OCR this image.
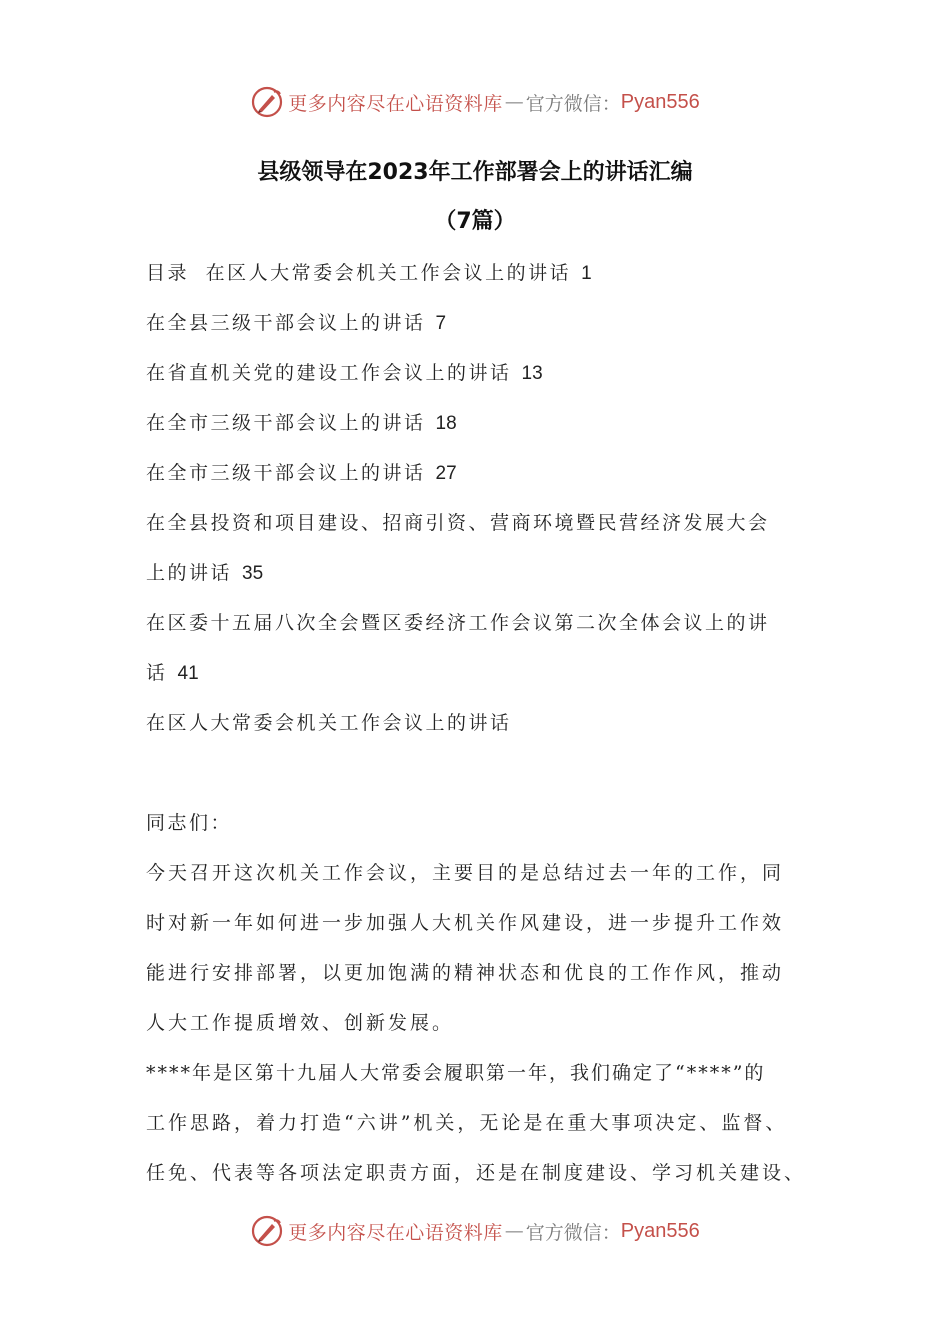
更多内容尽在心语资料库 — 官方微信： Pyan556
县级领导在2023年工作部署会上的讲话汇编
（7篇）
目录 在区人大常委会机关工作会议上的讲话 1
在全县三级干部会议上的讲话 7
在省直机关党的建设工作会议上的讲话 13
在全市三级干部会议上的讲话 18
在全市三级干部会议上的讲话 27
在全县投资和项目建设、招商引资、营商环境暨民营经济发展大会
上的讲话 35
在区委十五届八次全会暨区委经济工作会议第二次全体会议上的讲
话 41
在区人大常委会机关工作会议上的讲话
同志们：
今天召开这次机关工作会议，主要目的是总结过去一年的工作，同
时对新一年如何进一步加强人大机关作风建设，进一步提升工作效
能进行安排部署，以更加饱满的精神状态和优良的工作作风，推动
人大工作提质增效、创新发展。
****年是区第十九届人大常委会履职第一年，我们确定了“****”的
工作思路，着力打造“六讲”机关，无论是在重大事项决定、监督、
任免、代表等各项法定职责方面，还是在制度建设、学习机关建设、
更多内容尽在心语资料库 — 官方微信： Pyan556
